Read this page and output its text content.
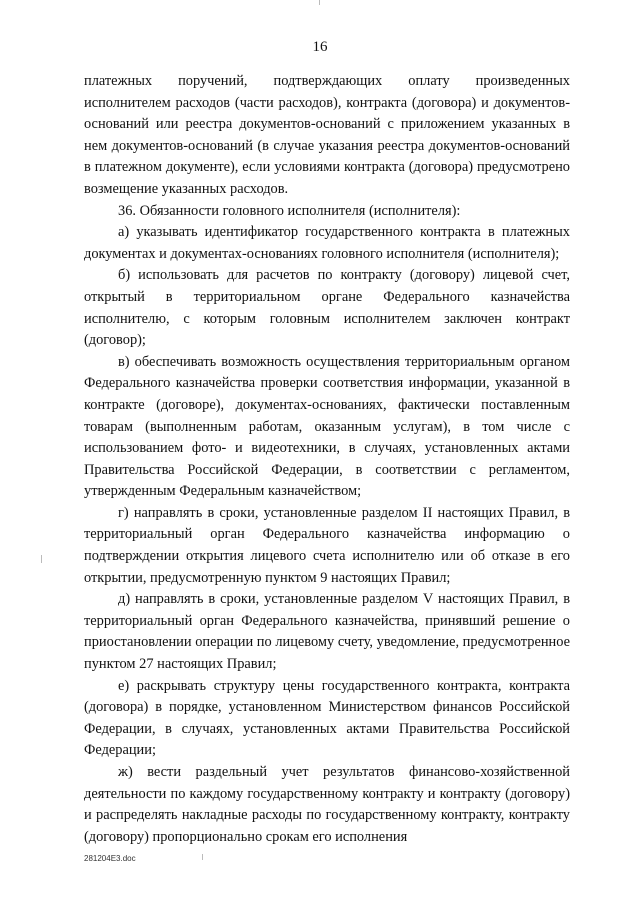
16

платежных поручений, подтверждающих оплату произведенных исполнителем расходов (части расходов), контракта (договора) и документов-оснований или реестра документов-оснований с приложением указанных в нем документов-оснований (в случае указания реестра документов-оснований в платежном документе), если условиями контракта (договора) предусмотрено возмещение указанных расходов.

36. Обязанности головного исполнителя (исполнителя):

а) указывать идентификатор государственного контракта в платежных документах и документах-основаниях головного исполнителя (исполнителя);

б) использовать для расчетов по контракту (договору) лицевой счет, открытый в территориальном органе Федерального казначейства исполнителю, с которым головным исполнителем заключен контракт (договор);

в) обеспечивать возможность осуществления территориальным органом Федерального казначейства проверки соответствия информации, указанной в контракте (договоре), документах-основаниях, фактически поставленным товарам (выполненным работам, оказанным услугам), в том числе с использованием фото- и видеотехники, в случаях, установленных актами Правительства Российской Федерации, в соответствии с регламентом, утвержденным Федеральным казначейством;

г) направлять в сроки, установленные разделом II настоящих Правил, в территориальный орган Федерального казначейства информацию о подтверждении открытия лицевого счета исполнителю или об отказе в его открытии, предусмотренную пунктом 9 настоящих Правил;

д) направлять в сроки, установленные разделом V настоящих Правил, в территориальный орган Федерального казначейства, принявший решение о приостановлении операции по лицевому счету, уведомление, предусмотренное пунктом 27 настоящих Правил;

е) раскрывать структуру цены государственного контракта, контракта (договора) в порядке, установленном Министерством финансов Российской Федерации, в случаях, установленных актами Правительства Российской Федерации;

ж) вести раздельный учет результатов финансово-хозяйственной деятельности по каждому государственному контракту и контракту (договору) и распределять накладные расходы по государственному контракту, контракту (договору) пропорционально срокам его исполнения

281204E3.doc
